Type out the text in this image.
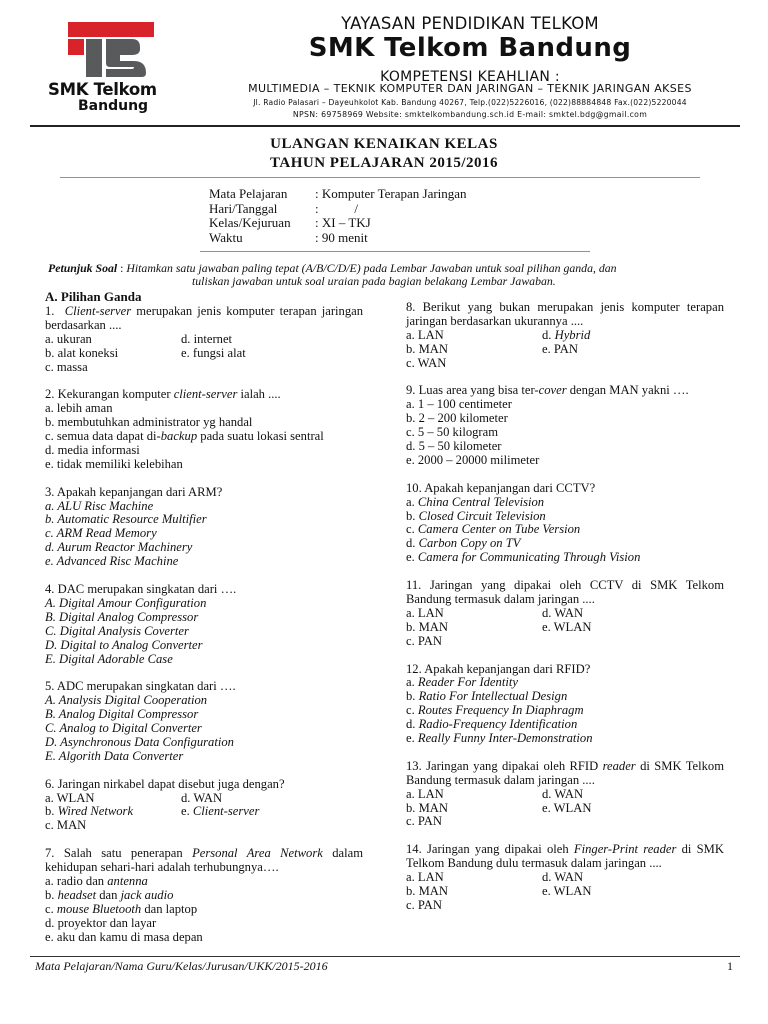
SMK Telkom
Bandung
YAYASAN PENDIDIKAN TELKOM
SMK Telkom Bandung
KOMPETENSI KEAHLIAN :
MULTIMEDIA – TEKNIK KOMPUTER DAN JARINGAN – TEKNIK JARINGAN AKSES
Jl. Radio Palasari – Dayeuhkolot Kab. Bandung 40267, Telp.(022)5226016, (022)88884848 Fax.(022)5220044
NPSN: 69758969 Website: smktelkombandung.sch.id E-mail: smktel.bdg@gmail.com
ULANGAN KENAIKAN KELAS
TAHUN PELAJARAN 2015/2016
Mata Pelajaran : Komputer Terapan Jaringan
Hari/Tanggal	:           /
Kelas/Kejuruan : XI – TKJ
Waktu	: 90 menit
Petunjuk Soal : Hitamkan satu jawaban paling tepat (A/B/C/D/E) pada Lembar Jawaban untuk soal pilihan ganda, dan
tuliskan jawaban untuk soal uraian pada bagian belakang Lembar Jawaban.
A. Pilihan Ganda
1. Client-server merupakan jenis komputer terapan jaringan berdasarkan ....
a. ukuran	d. internet
b. alat koneksi	e. fungsi alat
c. massa
2. Kekurangan komputer client-server ialah ....
a. lebih aman
b. membutuhkan administrator yg handal
c. semua data dapat di-backup pada suatu lokasi sentral
d. media informasi
e. tidak memiliki kelebihan
3. Apakah kepanjangan dari ARM?
a. ALU Risc Machine
b. Automatic Resource Multifier
c. ARM Read Memory
d. Aurum Reactor Machinery
e. Advanced Risc Machine
4. DAC merupakan singkatan dari ….
A. Digital Amour Configuration
B. Digital Analog Compressor
C. Digital Analysis Coverter
D. Digital to Analog Converter
E. Digital Adorable Case
5. ADC merupakan singkatan dari ….
A. Analysis Digital Cooperation
B. Analog Digital Compressor
C. Analog to Digital Converter
D. Asynchronous Data Configuration
E. Algorith Data Converter
6. Jaringan nirkabel dapat disebut juga dengan?
a. WLAN	d. WAN
b. Wired Network	e. Client-server
c. MAN
7. Salah satu penerapan Personal Area Network dalam kehidupan sehari-hari adalah terhubungnya….
a. radio dan antenna
b. headset dan jack audio
c. mouse Bluetooth dan laptop
d. proyektor dan layar
e. aku dan kamu di masa depan
8. Berikut yang bukan merupakan jenis komputer terapan jaringan berdasarkan ukurannya ....
a. LAN	d. Hybrid
b. MAN	e. PAN
c. WAN
9. Luas area yang bisa ter-cover dengan MAN yakni ….
a. 1 – 100 centimeter
b. 2 – 200 kilometer
c. 5 – 50 kilogram
d. 5 – 50 kilometer
e. 2000 – 20000 milimeter
10. Apakah kepanjangan dari CCTV?
a. China Central Television
b. Closed Circuit Television
c. Camera Center on Tube Version
d. Carbon Copy on TV
e. Camera for Communicating Through Vision
11. Jaringan yang dipakai oleh CCTV di SMK Telkom Bandung termasuk dalam jaringan ....
a. LAN	d. WAN
b. MAN	e. WLAN
c. PAN
12. Apakah kepanjangan dari RFID?
a. Reader For Identity
b. Ratio For Intellectual Design
c. Routes Frequency In Diaphragm
d. Radio-Frequency Identification
e. Really Funny Inter-Demonstration
13. Jaringan yang dipakai oleh RFID reader di SMK Telkom Bandung termasuk dalam jaringan ....
a. LAN	d. WAN
b. MAN	e. WLAN
c. PAN
14. Jaringan yang dipakai oleh Finger-Print reader di SMK Telkom Bandung dulu termasuk dalam jaringan ....
a. LAN	d. WAN
b. MAN	e. WLAN
c. PAN
Mata Pelajaran/Nama Guru/Kelas/Jurusan/UKK/2015-2016	1
